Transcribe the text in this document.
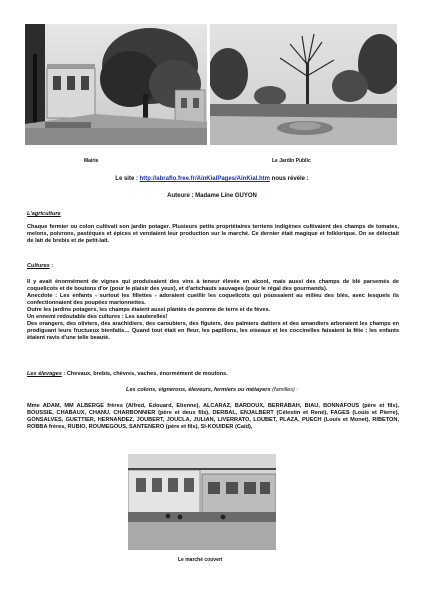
Mairie	Le Jardin Public
Le site : http://abraflo.free.fr/AinKialPages/AinKial.htm nous révèle :
Auteure : Madame Line GUYON
L'agriculture

Chaque fermier ou colon cultivait son jardin potager. Plusieurs petits propriétaires terriens indigènes cultivaient des champs de tomates, melons, poivrons, pastèques et épices et vendaient leur production sur le marché. Ce dernier était magique et folklorique. On se délectait de lait de brebis et de petit-lait.

Cultures :

Il y avait énormément de vignes qui produisaient des vins à teneur élevée en alcool, mais aussi des champs de blé parsemés de coquelicots et de boutons d'or (pour le plaisir des yeux), et d'artichauts sauvages (pour le régal des gourmands).

Anecdote : Les enfants - surtout les fillettes - adoraient cueillir les coquelicots qui poussaient au milieu des blés, avec lesquels ils confectionnaient des poupées marionnettes.

Outre les jardins potagers, les champs étaient aussi plantés de pomme de terre et de fèves.

Un ennemi redoutable des cultures : Les sauterelles!

Des orangers, des oliviers, des arachidiers, des caroubiers, des figuiers, des palmiers dattiers et des amandiers arboraient les champs en prodiguant leurs fructueux bienfaits… Quand tout était en fleur, les papillons, les oiseaux et les coccinelles faisaient la fête ; les enfants étaient ravis d'une telle beauté.

Les élevages : Chevaux, brebis, chèvres, vaches, énormément de moutons.

Les colons, vignerons, éleveurs, fermiers ou métayers (familles) :

Mme ADAM, MM ALBERGE frères (Alfred, Edouard, Etienne), ALCARAZ, BARDOUX, BERRABAH, BIAU, BONNAFOUS (père et fils), BOUSSIE, CHABAUX, CHANU, CHARBONNIER (père et deux fils), DERBAL, ENJALBERT (Célestin et René), FAGES (Louis et Pierre), GONSALVES, GUETTIER, HERNANDEZ, JOUBERT, JOUCLA, JULIAN, LIVERRATO, LOUBET, PLAZA, PUECH (Louis et Monet), RIBETON, ROBBA frères, RUBIO, ROUMEGOUS, SANTENERO (père et fils), SI-KOUIDER (Caïd),

Le marché couvert
